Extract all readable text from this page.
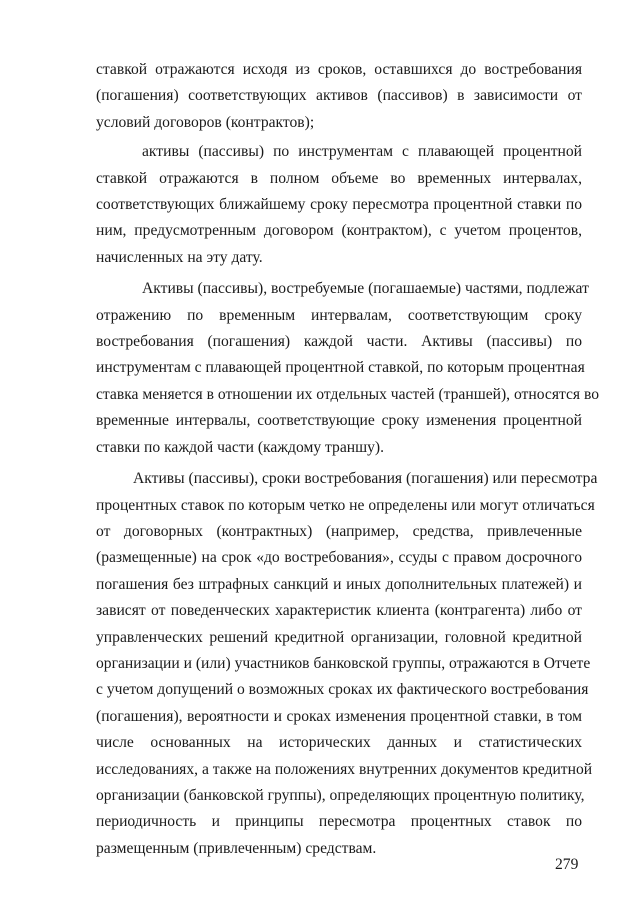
ставкой отражаются исходя из сроков, оставшихся до востребования
(погашения) соответствующих активов (пассивов) в зависимости от
условий договоров (контрактов);

активы (пассивы) по инструментам с плавающей процентной
ставкой отражаются в полном объеме во временных интервалах,
соответствующих ближайшему сроку пересмотра процентной ставки по
ним, предусмотренным договором (контрактом), с учетом процентов,
начисленных на эту дату.

Активы (пассивы), востребуемые (погашаемые) частями, подлежат
отражению по временным интервалам, соответствующим сроку
востребования (погашения) каждой части. Активы (пассивы) по
инструментам с плавающей процентной ставкой, по которым процентная
ставка меняется в отношении их отдельных частей (траншей), относятся во
временные интервалы, соответствующие сроку изменения процентной
ставки по каждой части (каждому траншу).

Активы (пассивы), сроки востребования (погашения) или пересмотра
процентных ставок по которым четко не определены или могут отличаться
от договорных (контрактных) (например, средства, привлеченные
(размещенные) на срок «до востребования», ссуды с правом досрочного
погашения без штрафных санкций и иных дополнительных платежей) и
зависят от поведенческих характеристик клиента (контрагента) либо от
управленческих решений кредитной организации, головной кредитной
организации и (или) участников банковской группы, отражаются в Отчете
с учетом допущений о возможных сроках их фактического востребования
(погашения), вероятности и сроках изменения процентной ставки, в том
числе основанных на исторических данных и статистических
исследованиях, а также на положениях внутренних документов кредитной
организации (банковской группы), определяющих процентную политику,
периодичность и принципы пересмотра процентных ставок по
размещенным (привлеченным) средствам.

279
